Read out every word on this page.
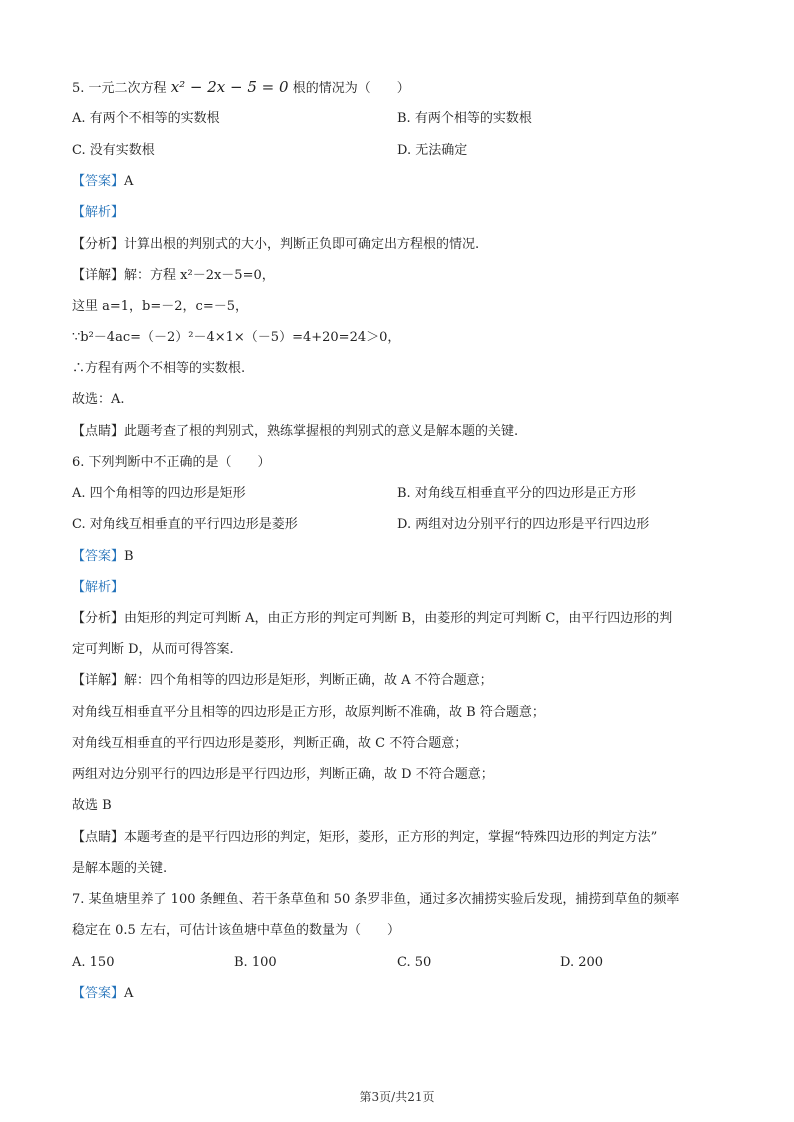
5. 一元二次方程 x² − 2x − 5 = 0 根的情况为（　　）
A. 有两个不相等的实数根	B. 有两个相等的实数根
C. 没有实数根	D. 无法确定
【答案】A
【解析】
【分析】计算出根的判别式的大小，判断正负即可确定出方程根的情况.
【详解】解：方程 x²－2x－5=0，
这里 a=1，b=－2，c=－5，
∵b²－4ac=（－2）²－4×1×（－5）=4+20=24＞0，
∴方程有两个不相等的实数根.
故选：A.
【点睛】此题考查了根的判别式，熟练掌握根的判别式的意义是解本题的关键.
6. 下列判断中不正确的是（　　）
A. 四个角相等的四边形是矩形	B. 对角线互相垂直平分的四边形是正方形
C. 对角线互相垂直的平行四边形是菱形	D. 两组对边分别平行的四边形是平行四边形
【答案】B
【解析】
【分析】由矩形的判定可判断 A，由正方形的判定可判断 B，由菱形的判定可判断 C，由平行四边形的判
定可判断 D，从而可得答案.
【详解】解：四个角相等的四边形是矩形，判断正确，故 A 不符合题意；
对角线互相垂直平分且相等的四边形是正方形，故原判断不准确，故 B 符合题意；
对角线互相垂直的平行四边形是菱形，判断正确，故 C 不符合题意；
两组对边分别平行的四边形是平行四边形，判断正确，故 D 不符合题意；
故选 B
【点睛】本题考查的是平行四边形的判定，矩形，菱形，正方形的判定，掌握“特殊四边形的判定方法”
是解本题的关键.
7. 某鱼塘里养了 100 条鲤鱼、若干条草鱼和 50 条罗非鱼，通过多次捕捞实验后发现，捕捞到草鱼的频率
稳定在 0.5 左右，可估计该鱼塘中草鱼的数量为（　　）
A. 150	B. 100	C. 50	D. 200
【答案】A
第3页/共21页
